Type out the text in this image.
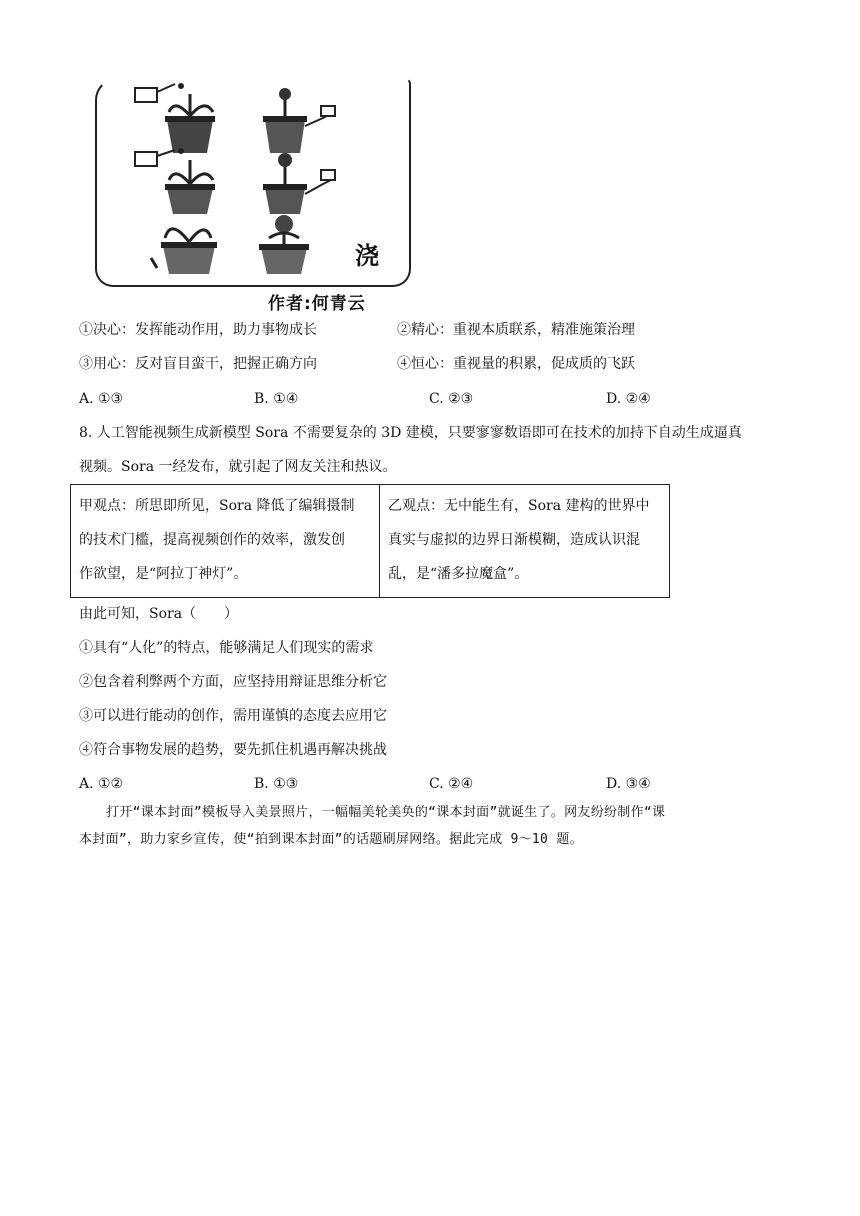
浇
作者:何青云
①决心：发挥能动作用，助力事物成长	②精心：重视本质联系，精准施策治理
③用心：反对盲目蛮干，把握正确方向	④恒心：重视量的积累，促成质的飞跃
A. ①③	B. ①④	C. ②③	D. ②④
8. 人工智能视频生成新模型 Sora 不需要复杂的 3D 建模，只要寥寥数语即可在技术的加持下自动生成逼真
视频。Sora 一经发布，就引起了网友关注和热议。
甲观点：所思即所见，Sora 降低了编辑摄制
的技术门槛，提高视频创作的效率，激发创
作欲望，是“阿拉丁神灯”。
乙观点：无中能生有，Sora 建构的世界中
真实与虚拟的边界日渐模糊，造成认识混
乱，是“潘多拉魔盒”。
由此可知，Sora（　　）
①具有“人化”的特点，能够满足人们现实的需求
②包含着利弊两个方面，应坚持用辩证思维分析它
③可以进行能动的创作，需用谨慎的态度去应用它
④符合事物发展的趋势，要先抓住机遇再解决挑战
A. ①②	B. ①③	C. ②④	D. ③④
打开“课本封面”模板导入美景照片，一幅幅美轮美奂的“课本封面”就诞生了。网友纷纷制作“课
本封面”，助力家乡宣传，使“拍到课本封面”的话题刷屏网络。据此完成 9～10 题。
